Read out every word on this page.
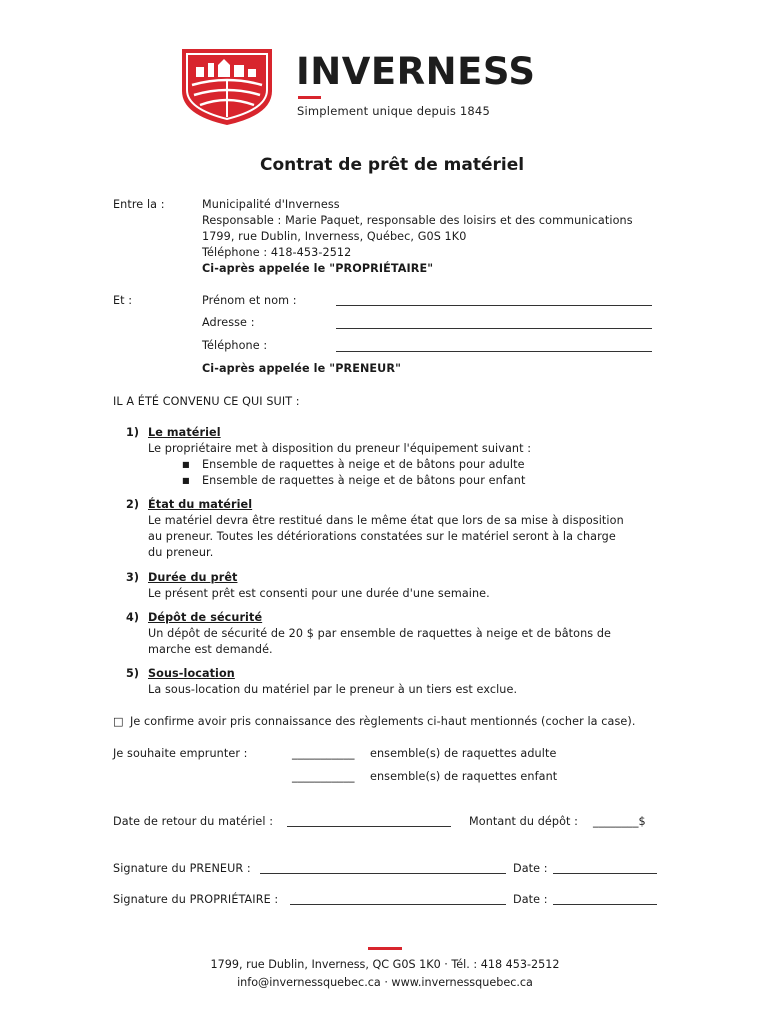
INVERNESS
Simplement unique depuis 1845
Contrat de prêt de matériel
Entre la :	Municipalité d'Inverness
Responsable : Marie Paquet, responsable des loisirs et des communications
1799, rue Dublin, Inverness, Québec, G0S 1K0
Téléphone : 418-453-2512
Ci-après appelée le "PROPRIÉTAIRE"
Et :	Prénom et nom :
Adresse :
Téléphone :
Ci-après appelée le "PRENEUR"
IL A ÉTÉ CONVENU CE QUI SUIT :
1) Le matériel
Le propriétaire met à disposition du preneur l'équipement suivant :
■ Ensemble de raquettes à neige et de bâtons pour adulte
■ Ensemble de raquettes à neige et de bâtons pour enfant
2) État du matériel
Le matériel devra être restitué dans le même état que lors de sa mise à disposition
au preneur. Toutes les détériorations constatées sur le matériel seront à la charge
du preneur.
3) Durée du prêt
Le présent prêt est consenti pour une durée d'une semaine.
4) Dépôt de sécurité
Un dépôt de sécurité de 20 $ par ensemble de raquettes à neige et de bâtons de
marche est demandé.
5) Sous-location
La sous-location du matériel par le preneur à un tiers est exclue.
□ Je confirme avoir pris connaissance des règlements ci-haut mentionnés (cocher la case).
Je souhaite emprunter :	___________ ensemble(s) de raquettes adulte
___________ ensemble(s) de raquettes enfant
Date de retour du matériel :	Montant du dépôt : ________$
Signature du PRENEUR :	Date :
Signature du PROPRIÉTAIRE :	Date :
1799, rue Dublin, Inverness, QC G0S 1K0 · Tél. : 418 453-2512
info@invernessquebec.ca · www.invernessquebec.ca
